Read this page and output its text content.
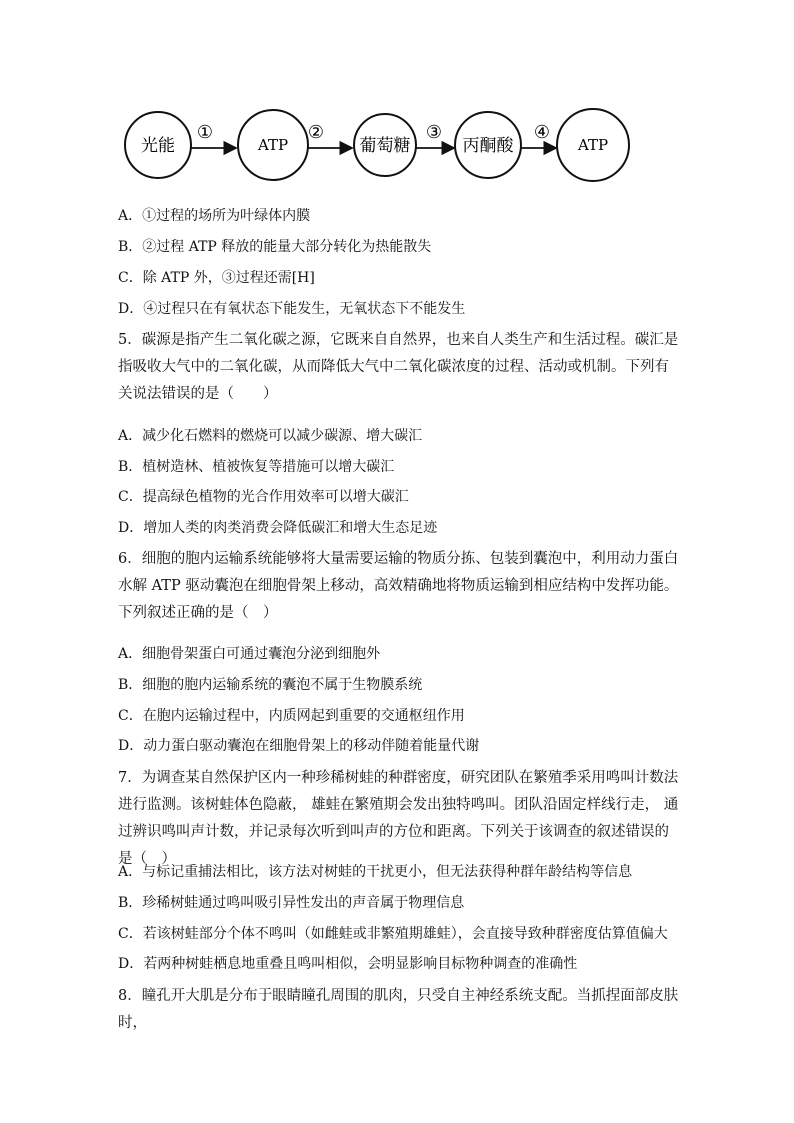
光能	ATP	葡萄糖	丙酮酸	ATP
①	②	③	④
A．①过程的场所为叶绿体内膜
B．②过程 ATP 释放的能量大部分转化为热能散失
C．除 ATP 外，③过程还需[H]
D．④过程只在有氧状态下能发生，无氧状态下不能发生
5．碳源是指产生二氧化碳之源，它既来自自然界，也来自人类生产和生活过程。碳汇是指吸收大气中的二氧化碳，从而降低大气中二氧化碳浓度的过程、活动或机制。下列有关说法错误的是（　　）
A．减少化石燃料的燃烧可以减少碳源、增大碳汇
B．植树造林、植被恢复等措施可以增大碳汇
C．提高绿色植物的光合作用效率可以增大碳汇
D．增加人类的肉类消费会降低碳汇和增大生态足迹
6．细胞的胞内运输系统能够将大量需要运输的物质分拣、包装到囊泡中，利用动力蛋白水解 ATP 驱动囊泡在细胞骨架上移动，高效精确地将物质运输到相应结构中发挥功能。下列叙述正确的是（　）
A．细胞骨架蛋白可通过囊泡分泌到细胞外
B．细胞的胞内运输系统的囊泡不属于生物膜系统
C．在胞内运输过程中，内质网起到重要的交通枢纽作用
D．动力蛋白驱动囊泡在细胞骨架上的移动伴随着能量代谢
7．为调查某自然保护区内一种珍稀树蛙的种群密度，研究团队在繁殖季采用鸣叫计数法进行监测。该树蛙体色隐蔽， 雄蛙在繁殖期会发出独特鸣叫。团队沿固定样线行走， 通过辨识鸣叫声计数，并记录每次听到叫声的方位和距离。下列关于该调查的叙述错误的是（　）
A．与标记重捕法相比，该方法对树蛙的干扰更小，但无法获得种群年龄结构等信息
B．珍稀树蛙通过鸣叫吸引异性发出的声音属于物理信息
C．若该树蛙部分个体不鸣叫（如雌蛙或非繁殖期雄蛙），会直接导致种群密度估算值偏大
D．若两种树蛙栖息地重叠且鸣叫相似，会明显影响目标物种调查的准确性
8．瞳孔开大肌是分布于眼睛瞳孔周围的肌肉，只受自主神经系统支配。当抓捏面部皮肤时，
